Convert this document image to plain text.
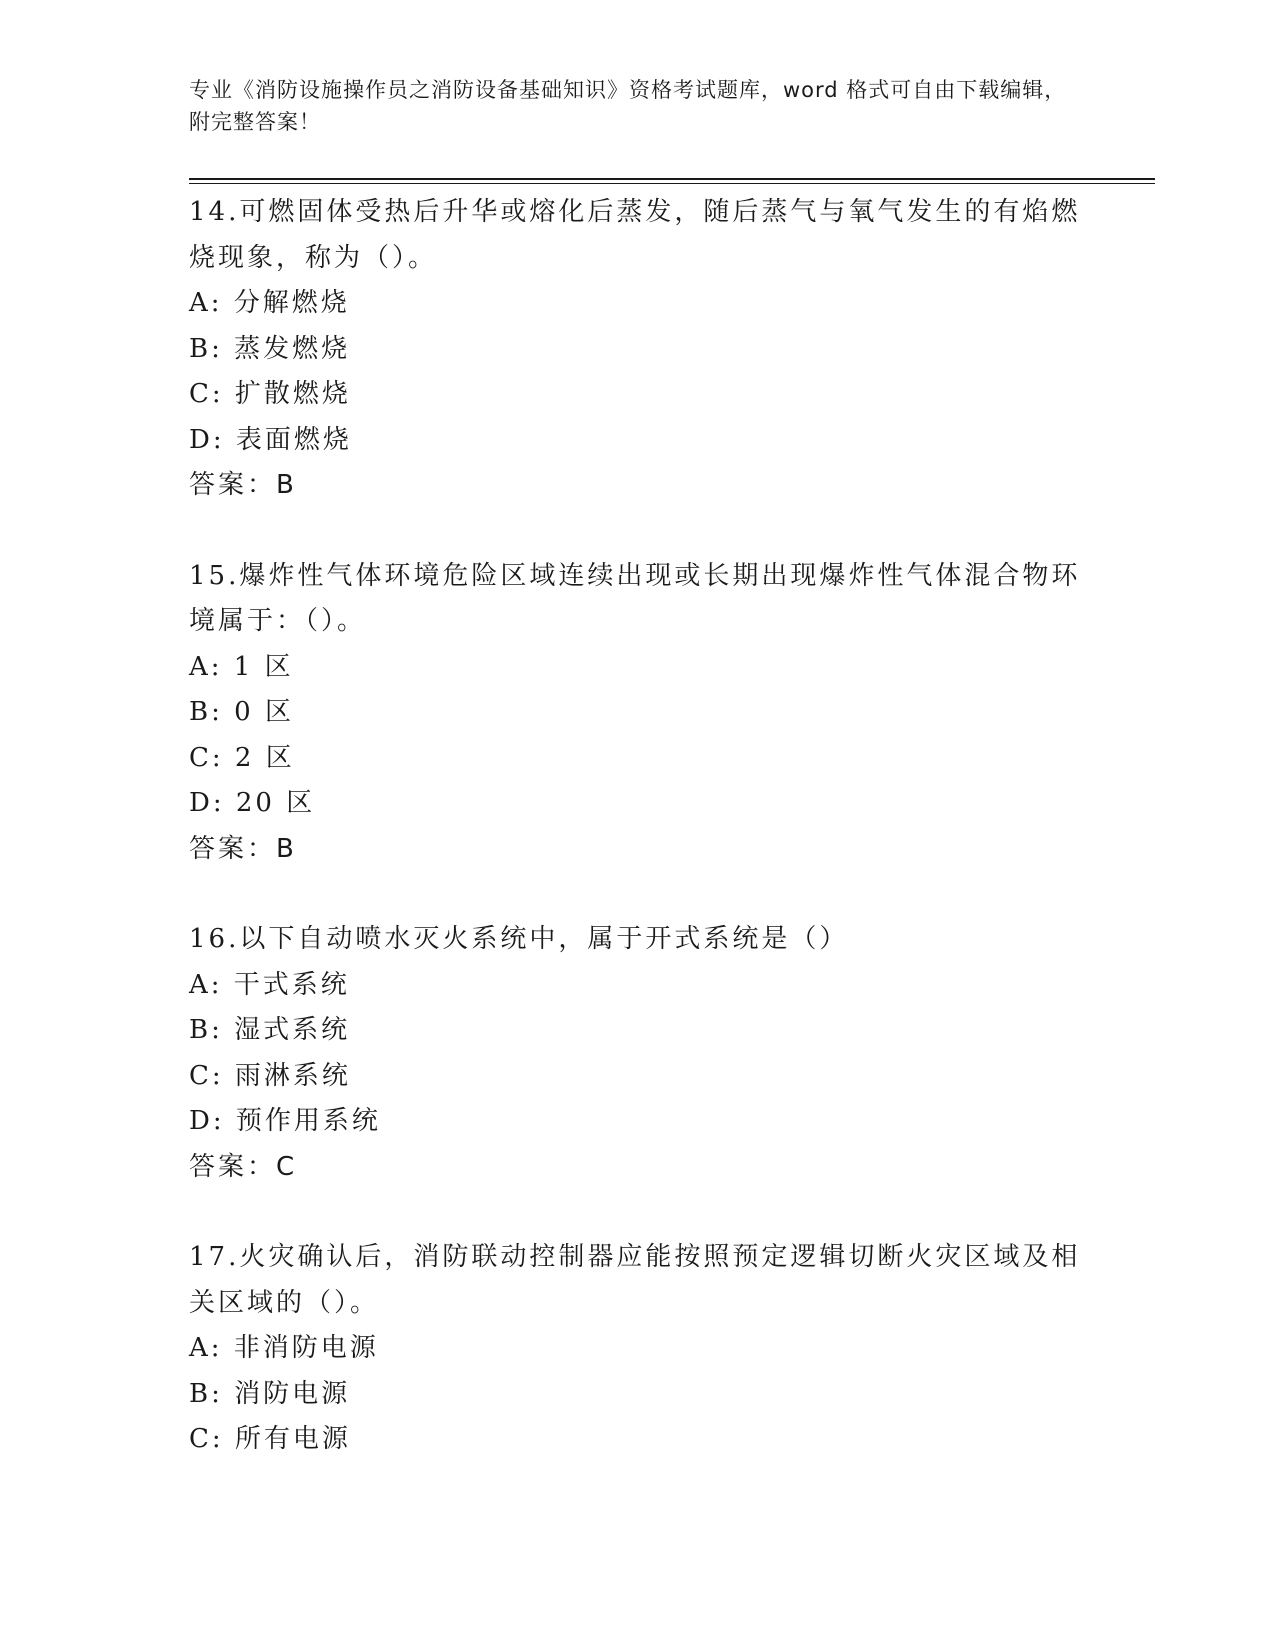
专业《消防设施操作员之消防设备基础知识》资格考试题库，word 格式可自由下载编辑，附完整答案！
14.可燃固体受热后升华或熔化后蒸发，随后蒸气与氧气发生的有焰燃烧现象，称为（）。
A: 分解燃烧
B: 蒸发燃烧
C: 扩散燃烧
D: 表面燃烧
答案：B
15.爆炸性气体环境危险区域连续出现或长期出现爆炸性气体混合物环境属于：（）。
A: 1 区
B: 0 区
C: 2 区
D: 20 区
答案：B
16.以下自动喷水灭火系统中，属于开式系统是（）
A: 干式系统
B: 湿式系统
C: 雨淋系统
D: 预作用系统
答案：C
17.火灾确认后，消防联动控制器应能按照预定逻辑切断火灾区域及相关区域的（）。
A: 非消防电源
B: 消防电源
C: 所有电源
